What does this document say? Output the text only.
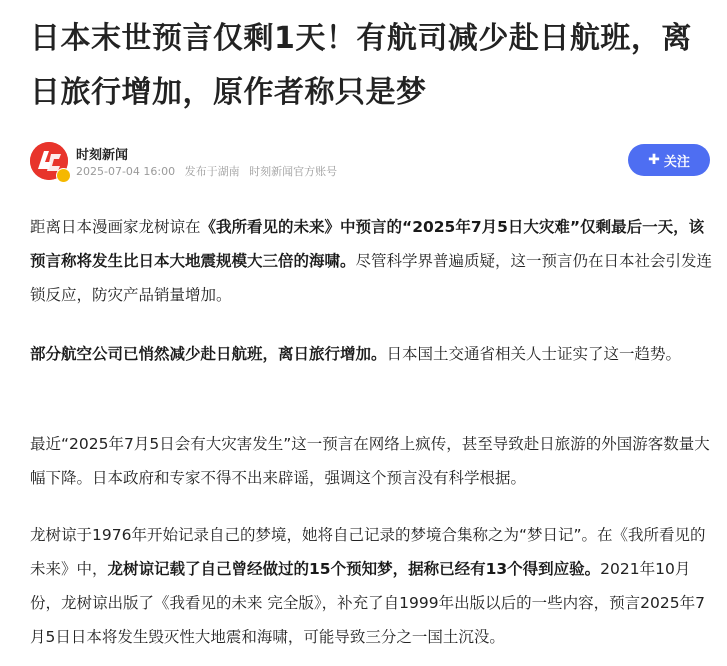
日本末世预言仅剩1天！有航司减少赴日航班，离日旅行增加，原作者称只是梦
时刻新闻
2025-07-04 16:00 发布于湖南 时刻新闻官方账号
✚ 关注

距离日本漫画家龙树谅在《我所看见的未来》中预言的“2025年7月5日大灾难”仅剩最后一天，该预言称将发生比日本大地震规模大三倍的海啸。尽管科学界普遍质疑，这一预言仍在日本社会引发连锁反应，防灾产品销量增加。

部分航空公司已悄然减少赴日航班，离日旅行增加。日本国土交通省相关人士证实了这一趋势。

最近“2025年7月5日会有大灾害发生”这一预言在网络上疯传，甚至导致赴日旅游的外国游客数量大幅下降。日本政府和专家不得不出来辟谣，强调这个预言没有科学根据。

龙树谅于1976年开始记录自己的梦境，她将自己记录的梦境合集称之为“梦日记”。在《我所看见的未来》中，龙树谅记载了自己曾经做过的15个预知梦，据称已经有13个得到应验。2021年10月份，龙树谅出版了《我看见的未来 完全版》，补充了自1999年出版以后的一些内容，预言2025年7月5日日本将发生毁灭性大地震和海啸，可能导致三分之一国土沉没。
